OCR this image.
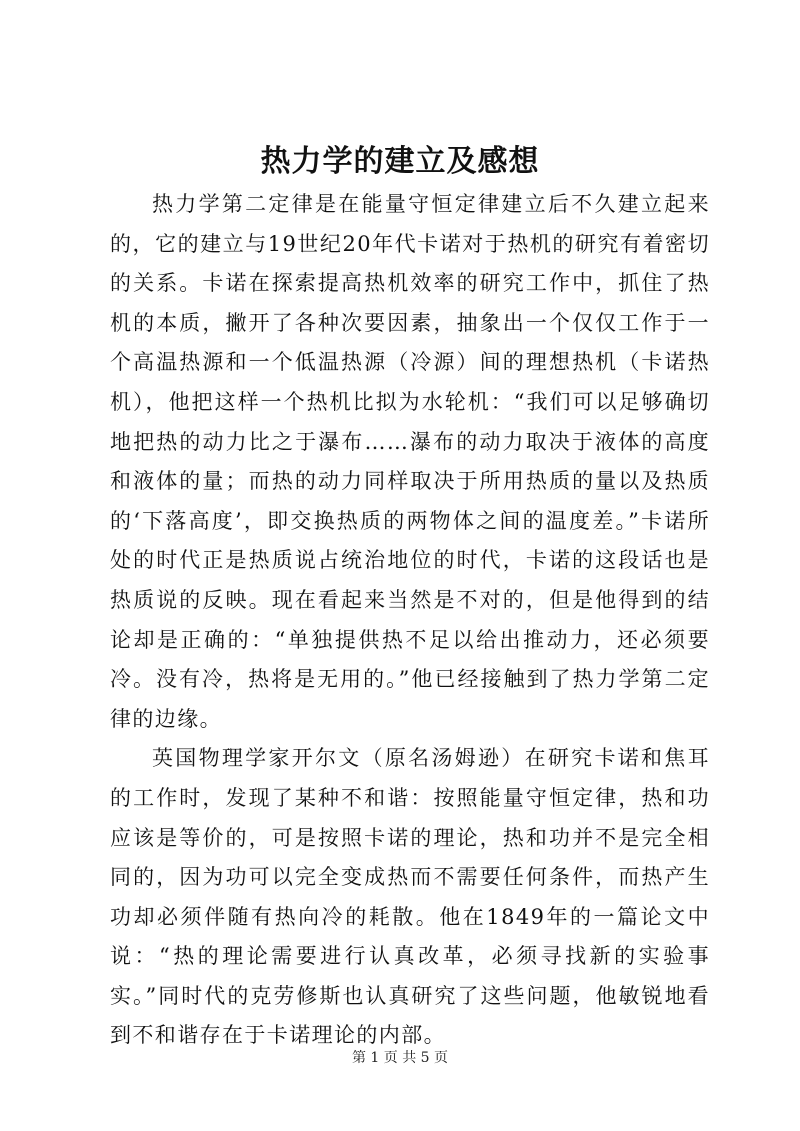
热力学的建立及感想

热力学第二定律是在能量守恒定律建立后不久建立起来的，它的建立与19世纪20年代卡诺对于热机的研究有着密切的关系。卡诺在探索提高热机效率的研究工作中，抓住了热机的本质，撇开了各种次要因素，抽象出一个仅仅工作于一个高温热源和一个低温热源（冷源）间的理想热机（卡诺热机），他把这样一个热机比拟为水轮机：“我们可以足够确切地把热的动力比之于瀑布……瀑布的动力取决于液体的高度和液体的量；而热的动力同样取决于所用热质的量以及热质的‘下落高度’，即交换热质的两物体之间的温度差。”卡诺所处的时代正是热质说占统治地位的时代，卡诺的这段话也是热质说的反映。现在看起来当然是不对的，但是他得到的结论却是正确的：“单独提供热不足以给出推动力，还必须要冷。没有冷，热将是无用的。”他已经接触到了热力学第二定律的边缘。

英国物理学家开尔文（原名汤姆逊）在研究卡诺和焦耳的工作时，发现了某种不和谐：按照能量守恒定律，热和功应该是等价的，可是按照卡诺的理论，热和功并不是完全相同的，因为功可以完全变成热而不需要任何条件，而热产生功却必须伴随有热向冷的耗散。他在1849年的一篇论文中说：“热的理论需要进行认真改革，必须寻找新的实验事实。”同时代的克劳修斯也认真研究了这些问题，他敏锐地看到不和谐存在于卡诺理论的内部。

第 1 页 共 5 页
